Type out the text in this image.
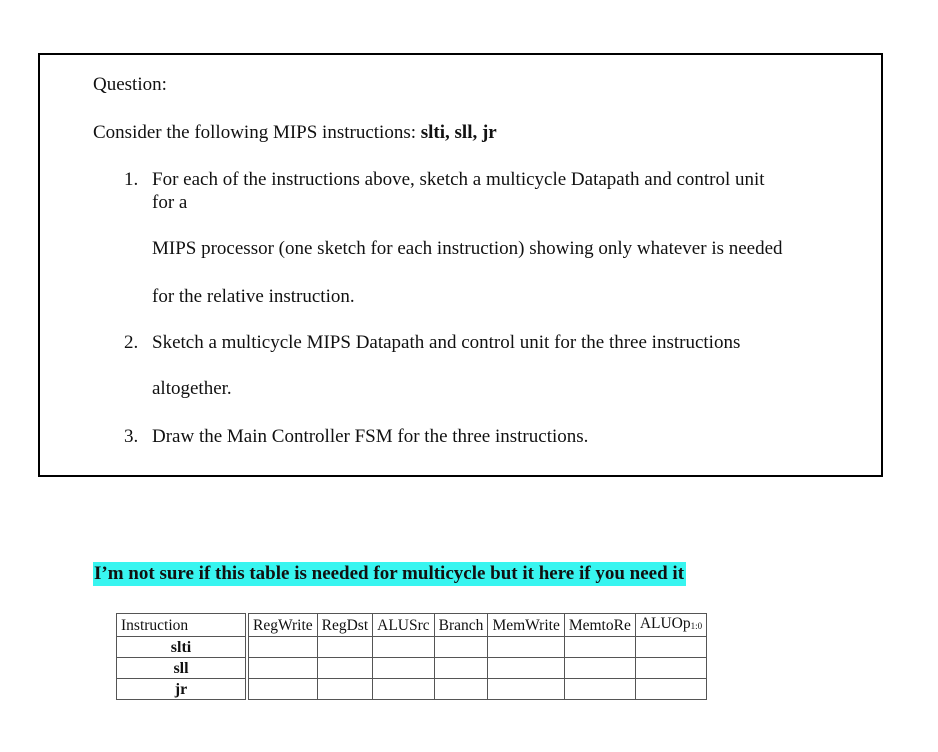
Question:
Consider the following MIPS instructions: slti, sll, jr
1. For each of the instructions above, sketch a multicycle Datapath and control unit
for a
MIPS processor (one sketch for each instruction) showing only whatever is needed
for the relative instruction.
2. Sketch a multicycle MIPS Datapath and control unit for the three instructions
altogether.
3. Draw the Main Controller FSM for the three instructions.
I’m not sure if this table is needed for multicycle but it here if you need it
Instruction		RegWrite	RegDst	ALUSrc	Branch	MemWrite	MemtoRe	ALUOp$_{1:0}$
slti								
sll								
jr								
